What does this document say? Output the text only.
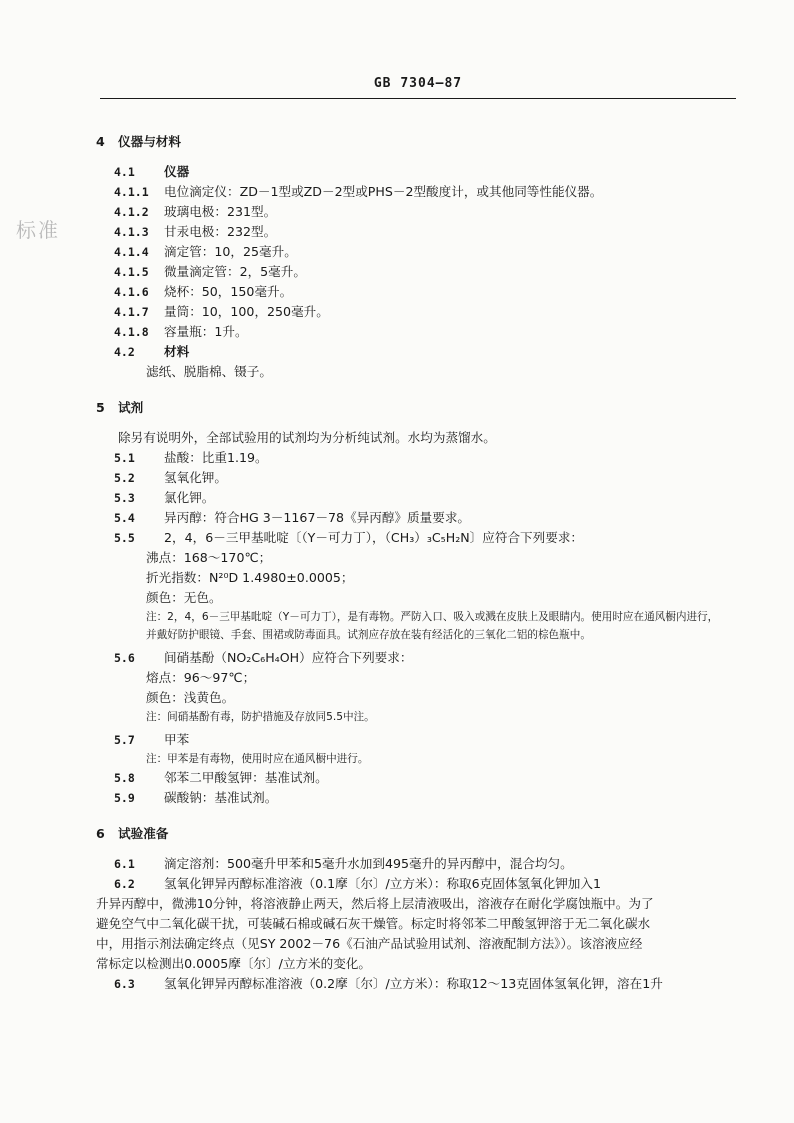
GB 7304—87
标准
4 仪器与材料
4.1 仪器
4.1.1 电位滴定仪：ZD－1型或ZD－2型或PHS－2型酸度计，或其他同等性能仪器。
4.1.2 玻璃电极：231型。
4.1.3 甘汞电极：232型。
4.1.4 滴定管：10，25毫升。
4.1.5 微量滴定管：2，5毫升。
4.1.6 烧杯：50，150毫升。
4.1.7 量筒：10，100，250毫升。
4.1.8 容量瓶：1升。
4.2 材料
滤纸、脱脂棉、镊子。
5 试剂
除另有说明外，全部试验用的试剂均为分析纯试剂。水均为蒸馏水。
5.1 盐酸：比重1.19。
5.2 氢氧化钾。
5.3 氯化钾。
5.4 异丙醇：符合HG 3－1167－78《异丙醇》质量要求。
5.5 2，4，6－三甲基吡啶〔（Y－可力丁），（CH₃）₃C₅H₂N〕应符合下列要求：
沸点：168～170℃；
折光指数：N²⁰D 1.4980±0.0005；
颜色：无色。
注：2，4，6－三甲基吡啶（Y－可力丁），是有毒物。严防入口、吸入或溅在皮肤上及眼睛内。使用时应在通风橱内进行，并戴好防护眼镜、手套、围裙或防毒面具。试剂应存放在装有经活化的三氧化二铝的棕色瓶中。
5.6 间硝基酚（NO₂C₆H₄OH）应符合下列要求：
熔点：96～97℃；
颜色：浅黄色。
注：间硝基酚有毒，防护措施及存放同5.5中注。
5.7 甲苯
注：甲苯是有毒物，使用时应在通风橱中进行。
5.8 邻苯二甲酸氢钾：基准试剂。
5.9 碳酸钠：基准试剂。
6 试验准备
6.1 滴定溶剂：500毫升甲苯和5毫升水加到495毫升的异丙醇中，混合均匀。
6.2 氢氧化钾异丙醇标准溶液（0.1摩〔尔〕/立方米）：称取6克固体氢氧化钾加入1
升异丙醇中，微沸10分钟，将溶液静止两天，然后将上层清液吸出，溶液存在耐化学腐蚀瓶中。为了
避免空气中二氧化碳干扰，可装碱石棉或碱石灰干燥管。标定时将邻苯二甲酸氢钾溶于无二氧化碳水
中，用指示剂法确定终点（见SY 2002－76《石油产品试验用试剂、溶液配制方法》）。该溶液应经
常标定以检测出0.0005摩〔尔〕/立方米的变化。
6.3 氢氧化钾异丙醇标准溶液（0.2摩〔尔〕/立方米）：称取12～13克固体氢氧化钾，溶在1升
